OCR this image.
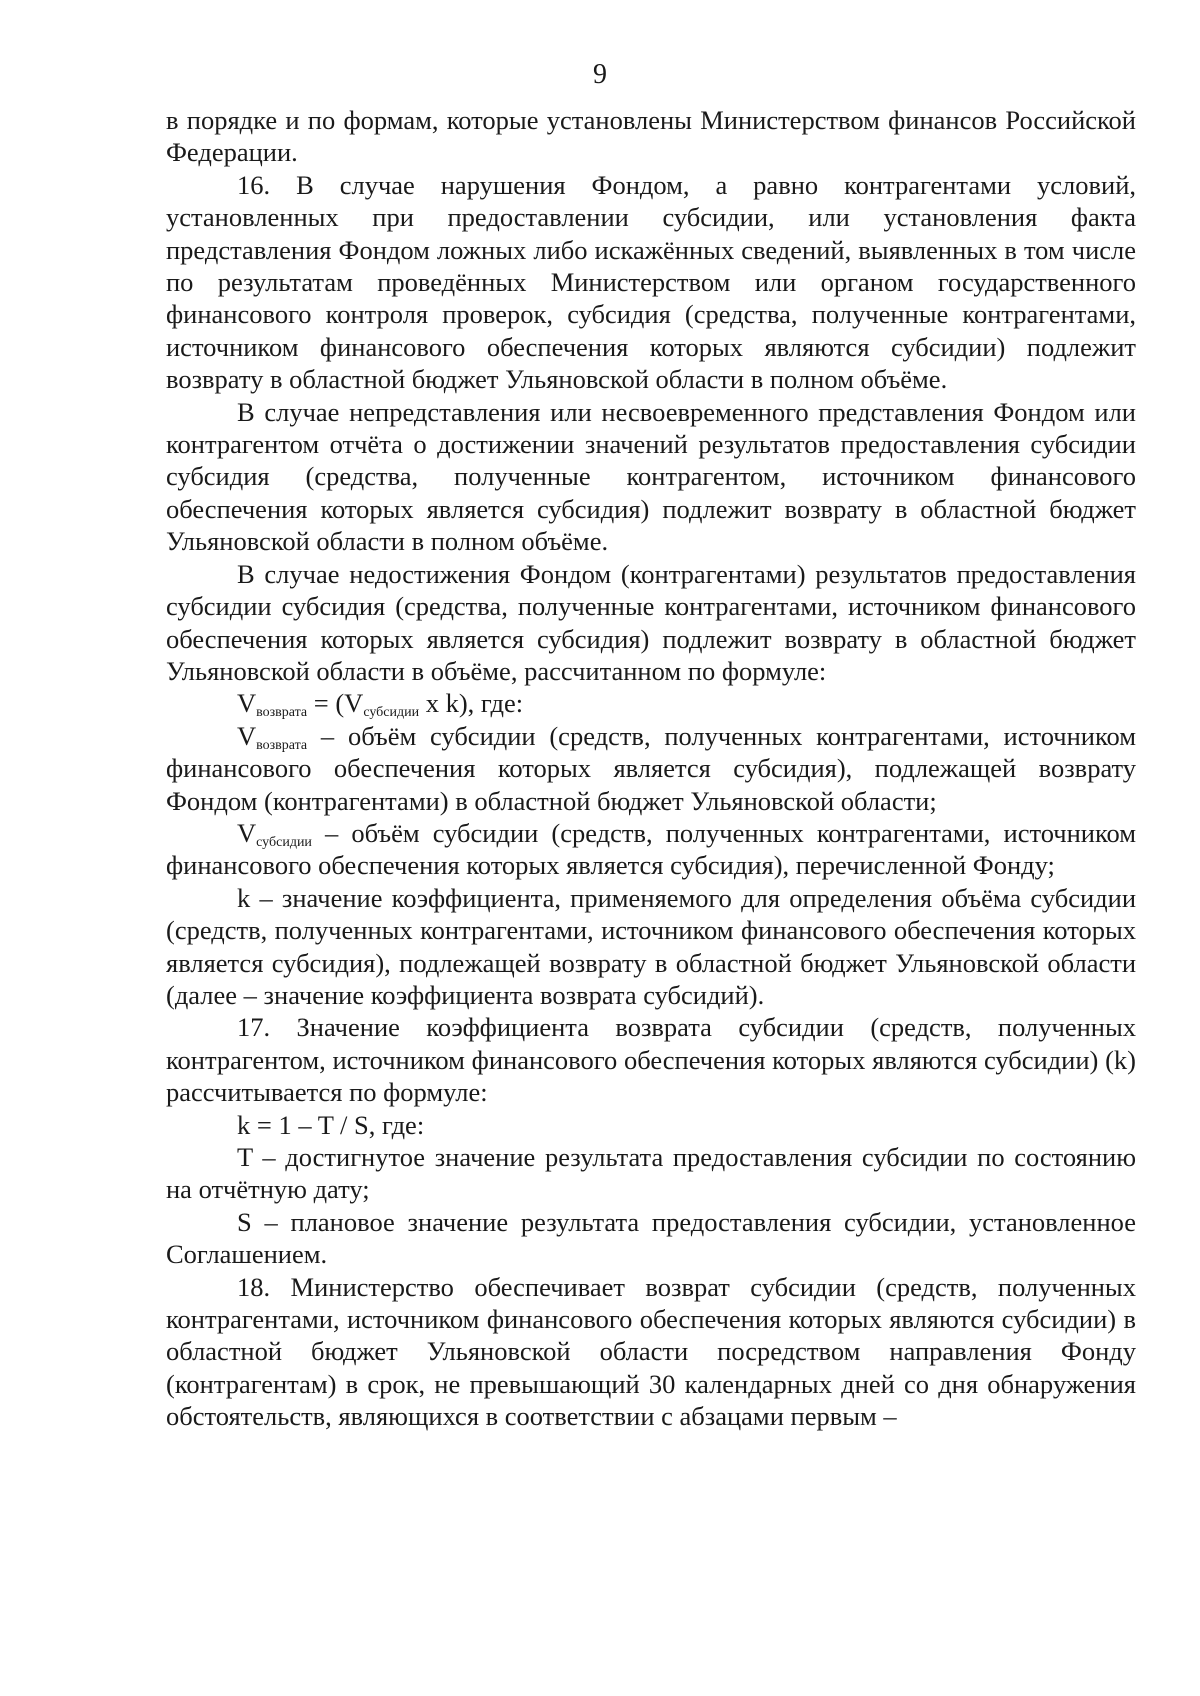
9

в порядке и по формам, которые установлены Министерством финансов Российской Федерации.

16. В случае нарушения Фондом, а равно контрагентами условий, установленных при предоставлении субсидии, или установления факта представления Фондом ложных либо искажённых сведений, выявленных в том числе по результатам проведённых Министерством или органом государственного финансового контроля проверок, субсидия (средства, полученные контрагентами, источником финансового обеспечения которых являются субсидии) подлежит возврату в областной бюджет Ульяновской области в полном объёме.

В случае непредставления или несвоевременного представления Фондом или контрагентом отчёта о достижении значений результатов предоставления субсидии субсидия (средства, полученные контрагентом, источником финансового обеспечения которых является субсидия) подлежит возврату в областной бюджет Ульяновской области в полном объёме.

В случае недостижения Фондом (контрагентами) результатов предоставления субсидии субсидия (средства, полученные контрагентами, источником финансового обеспечения которых является субсидия) подлежит возврату в областной бюджет Ульяновской области в объёме, рассчитанном по формуле:

$V_{возврата} = (V_{субсидии}$ x k), где:

$V_{возврата}$ – объём субсидии (средств, полученных контрагентами, источником финансового обеспечения которых является субсидия), подлежащей возврату Фондом (контрагентами) в областной бюджет Ульяновской области;

$V_{субсидии}$ – объём субсидии (средств, полученных контрагентами, источником финансового обеспечения которых является субсидия), перечисленной Фонду;

k – значение коэффициента, применяемого для определения объёма субсидии (средств, полученных контрагентами, источником финансового обеспечения которых является субсидия), подлежащей возврату в областной бюджет Ульяновской области (далее – значение коэффициента возврата субсидий).

17. Значение коэффициента возврата субсидии (средств, полученных контрагентом, источником финансового обеспечения которых являются субсидии) (k) рассчитывается по формуле:

k = 1 – T / S, где:

T – достигнутое значение результата предоставления субсидии по состоянию на отчётную дату;

S – плановое значение результата предоставления субсидии, установленное Соглашением.

18. Министерство обеспечивает возврат субсидии (средств, полученных контрагентами, источником финансового обеспечения которых являются субсидии) в областной бюджет Ульяновской области посредством направления Фонду (контрагентам) в срок, не превышающий 30 календарных дней со дня обнаружения обстоятельств, являющихся в соответствии с абзацами первым –
